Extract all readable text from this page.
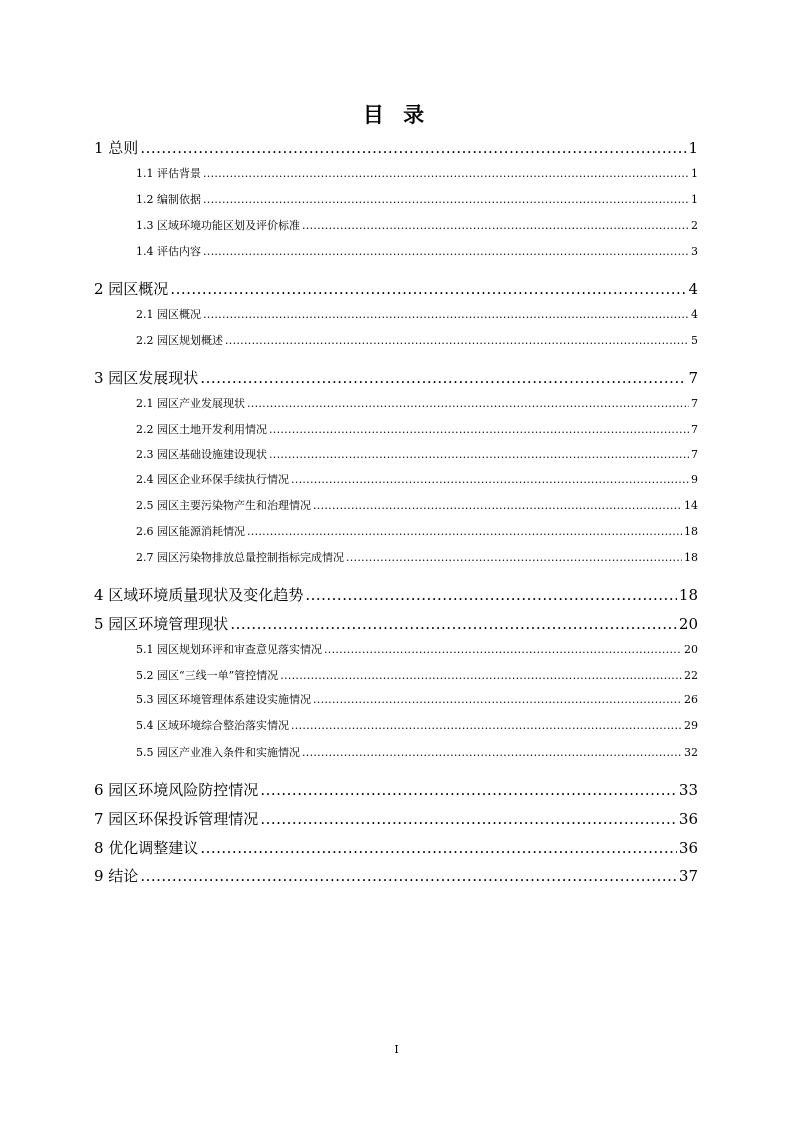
目 录
1 总则 .....	1
1.1 评估背景 .....	1
1.2 编制依据 .....	1
1.3 区域环境功能区划及评价标准 .....	2
1.4 评估内容 .....	3
2 园区概况 .....	4
2.1 园区概况 .....	4
2.2 园区规划概述 .....	5
3 园区发展现状 .....	7
2.1 园区产业发展现状 .....	7
2.2 园区土地开发利用情况 .....	7
2.3 园区基础设施建设现状 .....	7
2.4 园区企业环保手续执行情况 .....	9
2.5 园区主要污染物产生和治理情况 .....	14
2.6 园区能源消耗情况 .....	18
2.7 园区污染物排放总量控制指标完成情况 .....	18
4 区域环境质量现状及变化趋势 .....	18
5 园区环境管理现状 .....	20
5.1 园区规划环评和审查意见落实情况 .....	20
5.2 园区“三线一单”管控情况 .....	22
5.3 园区环境管理体系建设实施情况 .....	26
5.4 区域环境综合整治落实情况 .....	29
5.5 园区产业准入条件和实施情况 .....	32
6 园区环境风险防控情况 .....	33
7 园区环保投诉管理情况 .....	36
8 优化调整建议 .....	36
9 结论 .....	37
I
